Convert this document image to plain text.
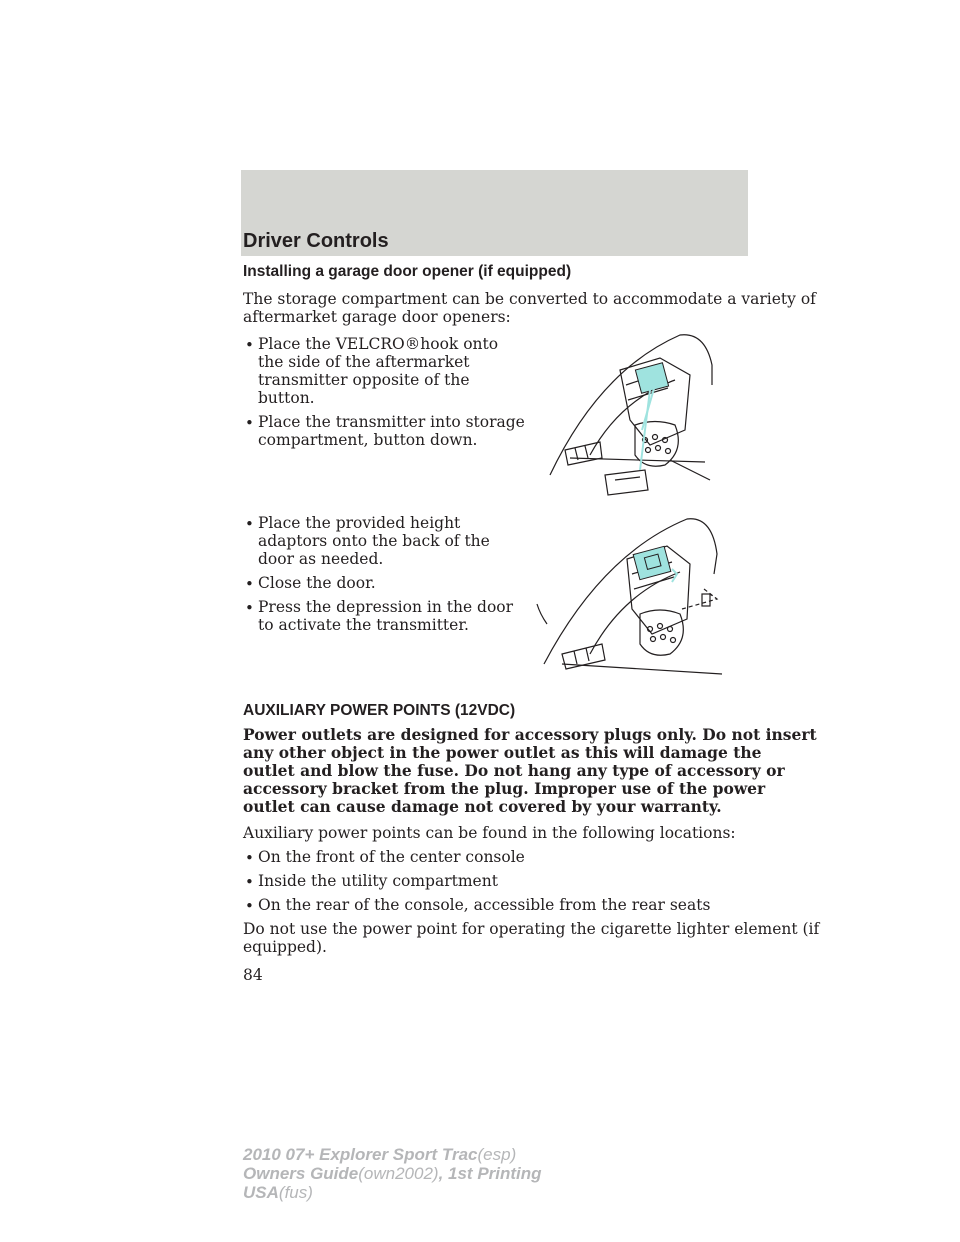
Driver Controls
Installing a garage door opener (if equipped)
The storage compartment can be converted to accommodate a variety of
aftermarket garage door openers:
• Place the VELCRO®hook onto
the side of the aftermarket
transmitter opposite of the
button.
• Place the transmitter into storage
compartment, button down.
• Place the provided height
adaptors onto the back of the
door as needed.
• Close the door.
• Press the depression in the door
to activate the transmitter.
AUXILIARY POWER POINTS (12VDC)
Power outlets are designed for accessory plugs only. Do not insert
any other object in the power outlet as this will damage the
outlet and blow the fuse. Do not hang any type of accessory or
accessory bracket from the plug. Improper use of the power
outlet can cause damage not covered by your warranty.
Auxiliary power points can be found in the following locations:
• On the front of the center console
• Inside the utility compartment
• On the rear of the console, accessible from the rear seats
Do not use the power point for operating the cigarette lighter element (if
equipped).
84
2010 07+ Explorer Sport Trac(esp)
Owners Guide(own2002), 1st Printing
USA(fus)
